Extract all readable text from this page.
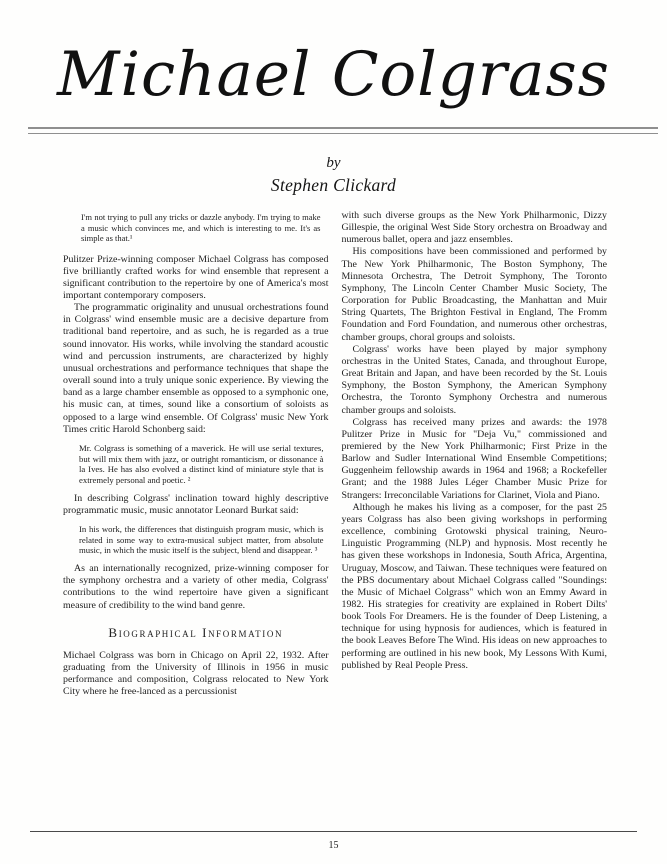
Michael Colgrass
by
Stephen Clickard
I'm not trying to pull any tricks or dazzle anybody. I'm trying to make a music which convinces me, and which is interesting to me. It's as simple as that.¹

Pulitzer Prize-winning composer Michael Colgrass has composed five brilliantly crafted works for wind ensemble that represent a significant contribution to the repertoire by one of America's most important contemporary composers.

The programmatic originality and unusual orchestrations found in Colgrass' wind ensemble music are a decisive departure from traditional band repertoire, and as such, he is regarded as a true sound innovator. His works, while involving the standard acoustic wind and percussion instruments, are characterized by highly unusual orchestrations and performance techniques that shape the overall sound into a truly unique sonic experience. By viewing the band as a large chamber ensemble as opposed to a symphonic one, his music can, at times, sound like a consortium of soloists as opposed to a large wind ensemble. Of Colgrass' music New York Times critic Harold Schonberg said:

Mr. Colgrass is something of a maverick. He will use serial textures, but will mix them with jazz, or outright romanticism, or dissonance à la Ives. He has also evolved a distinct kind of miniature style that is extremely personal and poetic. ²

In describing Colgrass' inclination toward highly descriptive programmatic music, music annotator Leonard Burkat said:

In his work, the differences that distinguish program music, which is related in some way to extra-musical subject matter, from absolute music, in which the music itself is the subject, blend and disappear. ³

As an internationally recognized, prize-winning composer for the symphony orchestra and a variety of other media, Colgrass' contributions to the wind repertoire have given a significant measure of credibility to the wind band genre.

Biographical Information

Michael Colgrass was born in Chicago on April 22, 1932. After graduating from the University of Illinois in 1956 in music performance and composition, Colgrass relocated to New York City where he free-lanced as a percussionist

with such diverse groups as the New York Philharmonic, Dizzy Gillespie, the original West Side Story orchestra on Broadway and numerous ballet, opera and jazz ensembles.

His compositions have been commissioned and performed by The New York Philharmonic, The Boston Symphony, The Minnesota Orchestra, The Detroit Symphony, The Toronto Symphony, The Lincoln Center Chamber Music Society, The Corporation for Public Broadcasting, the Manhattan and Muir String Quartets, The Brighton Festival in England, The Fromm Foundation and Ford Foundation, and numerous other orchestras, chamber groups, choral groups and soloists.

Colgrass' works have been played by major symphony orchestras in the United States, Canada, and throughout Europe, Great Britain and Japan, and have been recorded by the St. Louis Symphony, the Boston Symphony, the American Symphony Orchestra, the Toronto Symphony Orchestra and numerous chamber groups and soloists.

Colgrass has received many prizes and awards: the 1978 Pulitzer Prize in Music for "Deja Vu," commissioned and premiered by the New York Philharmonic; First Prize in the Barlow and Sudler International Wind Ensemble Competitions; Guggenheim fellowship awards in 1964 and 1968; a Rockefeller Grant; and the 1988 Jules Léger Chamber Music Prize for Strangers: Irreconcilable Variations for Clarinet, Viola and Piano.

Although he makes his living as a composer, for the past 25 years Colgrass has also been giving workshops in performing excellence, combining Grotowski physical training, Neuro-Linguistic Programming (NLP) and hypnosis. Most recently he has given these workshops in Indonesia, South Africa, Argentina, Uruguay, Moscow, and Taiwan. These techniques were featured on the PBS documentary about Michael Colgrass called "Soundings: the Music of Michael Colgrass" which won an Emmy Award in 1982. His strategies for creativity are explained in Robert Dilts' book Tools For Dreamers. He is the founder of Deep Listening, a technique for using hypnosis for audiences, which is featured in the book Leaves Before The Wind. His ideas on new approaches to performing are outlined in his new book, My Lessons With Kumi, published by Real People Press.

15
